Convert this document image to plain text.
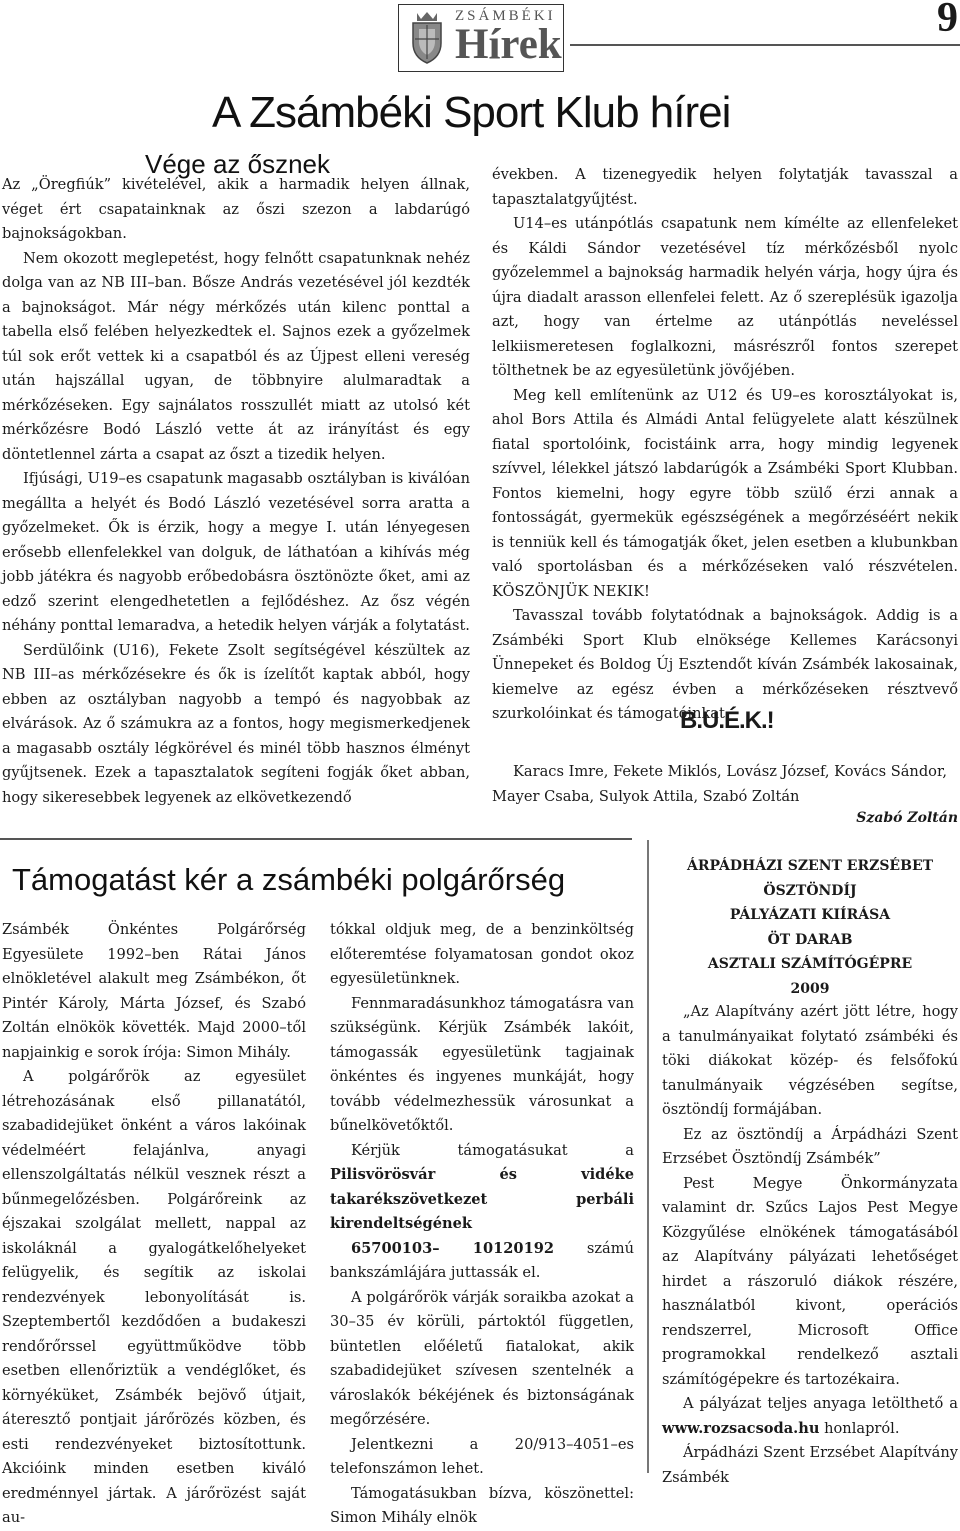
ZSÁMBÉKI
Hírek
9
A Zsámbéki Sport Klub hírei
Vége az ősznek

Az „Öregfiúk” kivételével, akik a harmadik helyen állnak, véget ért csapatainknak az őszi szezon a labdarúgó bajnokságokban.

Nem okozott meglepetést, hogy felnőtt csapatunknak nehéz dolga van az NB III–ban. Bősze András vezetésével jól kezdték a bajnokságot. Már négy mérkőzés után kilenc ponttal a tabella első felében helyezkedtek el. Sajnos ezek a győzelmek túl sok erőt vettek ki a csapatból és az Újpest elleni vereség után hajszállal ugyan, de többnyire alulmaradtak a mérkőzéseken. Egy sajnálatos rosszullét miatt az utolsó két mérkőzésre Bodó László vette át az irányítást és egy döntetlennel zárta a csapat az őszt a tizedik helyen.

Ifjúsági, U19–es csapatunk magasabb osztályban is kiválóan megállta a helyét és Bodó László vezetésével sorra aratta a győzelmeket. Ők is érzik, hogy a megye I. után lényegesen erősebb ellenfelekkel van dolguk, de láthatóan a kihívás még jobb játékra és nagyobb erőbedobásra ösztönözte őket, ami az edző szerint elengedhetetlen a fejlődéshez. Az ősz végén néhány ponttal lemaradva, a hetedik helyen várják a folytatást.

Serdülőink (U16), Fekete Zsolt segítségével készültek az NB III–as mérkőzésekre és ők is ízelítőt kaptak abból, hogy ebben az osztályban nagyobb a tempó és nagyobbak az elvárások. Az ő számukra az a fontos, hogy megismerkedjenek a magasabb osztály légkörével és minél több hasznos élményt gyűjtsenek. Ezek a tapasztalatok segíteni fogják őket abban, hogy sikeresebbek legyenek az elkövetkezendő

években. A tizenegyedik helyen folytatják tavasszal a tapasztalatgyűjtést.

U14–es utánpótlás csapatunk nem kímélte az ellenfeleket és Káldi Sándor vezetésével tíz mérkőzésből nyolc győzelemmel a bajnokság harmadik helyén várja, hogy újra és újra diadalt arasson ellenfelei felett. Az ő szereplésük igazolja azt, hogy van értelme az utánpótlás neveléssel lelkiismeretesen foglalkozni, másrészről fontos szerepet tölthetnek be az egyesületünk jövőjében.

Meg kell említenünk az U12 és U9–es korosztályokat is, ahol Bors Attila és Almádi Antal felügyelete alatt készülnek fiatal sportolóink, focistáink arra, hogy mindig legyenek szívvel, lélekkel játszó labdarúgók a Zsámbéki Sport Klubban. Fontos kiemelni, hogy egyre több szülő érzi annak a fontosságát, gyermekük egészségének a megőrzéséért nekik is tenniük kell és támogatják őket, jelen esetben a klubunkban való sportolásban és a mérkőzéseken való részvételen. KÖSZÖNJÜK NEKIK!

Tavasszal tovább folytatódnak a bajnokságok. Addig is a Zsámbéki Sport Klub elnöksége Kellemes Karácsonyi Ünnepeket és Boldog Új Esztendőt kíván Zsámbék lakosainak, kiemelve az egész évben a mérkőzéseken résztvevő szurkolóinkat és támogatóinkat.

B.U.É.K.!

Karacs Imre, Fekete Miklós, Lovász József, Kovács Sándor, Mayer Csaba, Sulyok Attila, Szabó Zoltán

Szabó Zoltán
Támogatást kér a zsámbéki polgárőrség

Zsámbék Önkéntes Polgárőrség Egyesülete 1992–ben Rátai János elnökletével alakult meg Zsámbékon, őt Pintér Károly, Márta József, és Szabó Zoltán elnökök követték. Majd 2000–től napjainkig e sorok írója: Simon Mihály.

A polgárőrök az egyesület létrehozásának első pillanatától, szabadidejüket önként a város lakóinak védelméért felajánlva, anyagi ellenszolgáltatás nélkül vesznek részt a bűnmegelőzésben. Polgárőreink az éjszakai szolgálat mellett, nappal az iskoláknál a gyalogátkelőhelyeket felügyelik, és segítik az iskolai rendezvények lebonyolítását is. Szeptembertől kezdődően a budakeszi rendőrőrssel együttműködve több esetben ellenőriztük a vendéglőket, és környéküket, Zsámbék bejövő útjait, áteresztő pontjait járőrözés közben, és esti rendezvényeket biztosítottunk. Akcióink minden esetben kiváló eredménnyel jártak. A járőrözést saját au-

tókkal oldjuk meg, de a benzinköltség előteremtése folyamatosan gondot okoz egyesületünknek.

Fennmaradásunkhoz támogatásra van szükségünk. Kérjük Zsámbék lakóit, támogassák egyesületünk tagjainak önkéntes és ingyenes munkáját, hogy tovább védelmezhessük városunkat a bűnelkövetőktől.

Kérjük támogatásukat a Pilisvörösvár és vidéke takarékszövetkezet perbáli kirendeltségének

65700103– 10120192 számú bankszámlájára juttassák el.

A polgárőrök várják soraikba azokat a 30–35 év körüli, pártoktól független, büntetlen előéletű fiatalokat, akik szabadidejüket szívesen szentelnék a városlakók békéjének és biztonságának megőrzésére.

Jelentkezni a 20/913–4051–es telefonszámon lehet.

Támogatásukban bízva, köszönettel: Simon Mihály elnök

ÁRPÁDHÁZI SZENT ERZSÉBET

ÖSZTÖNDÍJ

PÁLYÁZATI KIÍRÁSA

ÖT DARAB

ASZTALI SZÁMÍTÓGÉPRE

2009

„Az Alapítvány azért jött létre, hogy a tanulmányaikat folytató zsámbéki és töki diákokat közép- és felsőfokú tanulmányaik végzésében segítse, ösztöndíj formájában.

Ez az ösztöndíj a Árpádházi Szent Erzsébet Ösztöndíj Zsámbék”

Pest Megye Önkormányzata valamint dr. Szűcs Lajos Pest Megye Közgyűlése elnökének támogatásából az Alapítvány pályázati lehetőséget hirdet a rászoruló diákok részére, használatból kivont, operációs rendszerrel, Microsoft Office programokkal rendelkező asztali számítógépekre és tartozékaira.

A pályázat teljes anyaga letölthető a www.rozsacsoda.hu honlapról.

Árpádházi Szent Erzsébet Alapítvány Zsámbék
